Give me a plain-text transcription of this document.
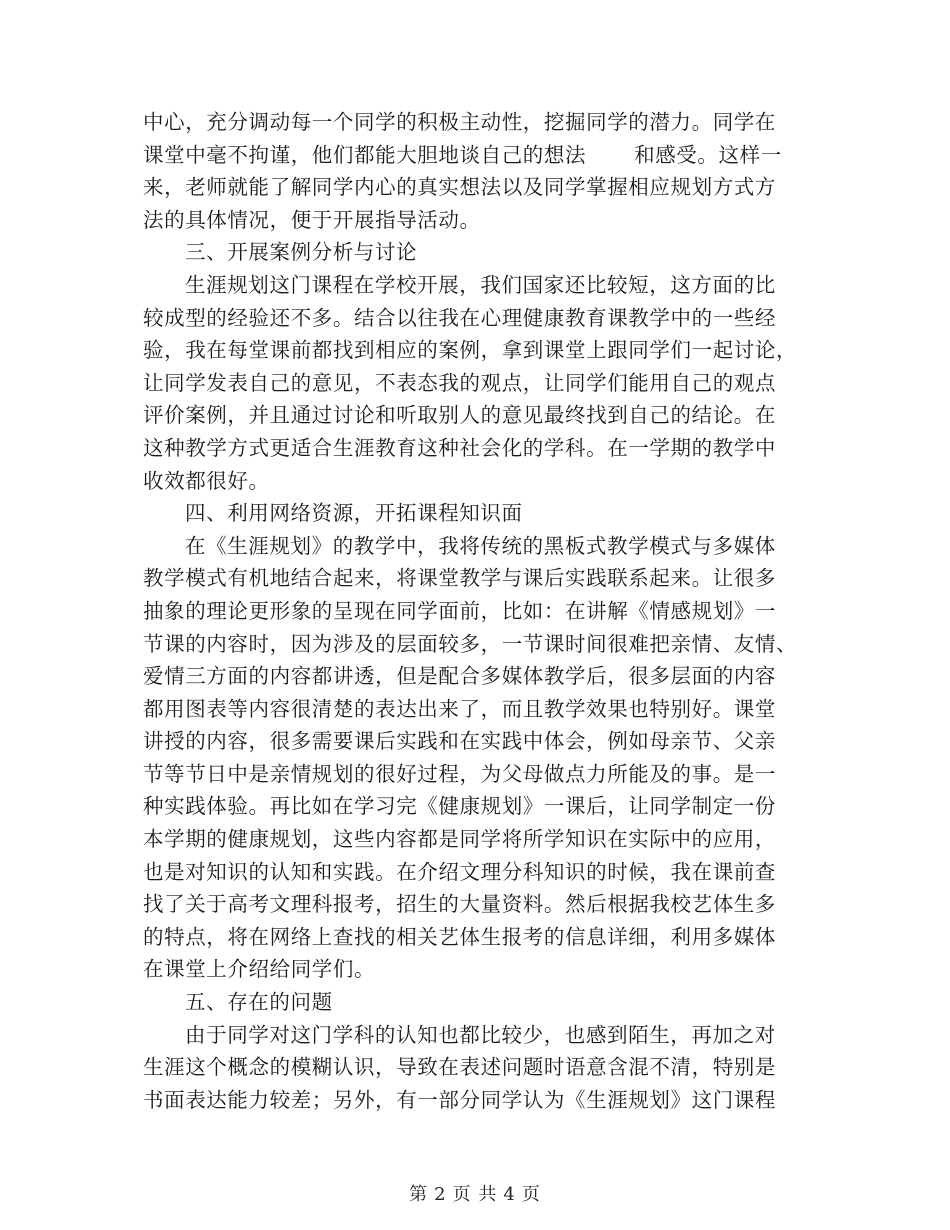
中心，充分调动每一个同学的积极主动性，挖掘同学的潜力。同学在
课堂中毫不拘谨，他们都能大胆地谈自己的想法 和感受。这样一
来，老师就能了解同学内心的真实想法以及同学掌握相应规划方式方
法的具体情况，便于开展指导活动。
三、开展案例分析与讨论
生涯规划这门课程在学校开展，我们国家还比较短，这方面的比
较成型的经验还不多。结合以往我在心理健康教育课教学中的一些经
验，我在每堂课前都找到相应的案例，拿到课堂上跟同学们一起讨论，
让同学发表自己的意见，不表态我的观点，让同学们能用自己的观点
评价案例，并且通过讨论和听取别人的意见最终找到自己的结论。在
这种教学方式更适合生涯教育这种社会化的学科。在一学期的教学中
收效都很好。
四、利用网络资源，开拓课程知识面
在《生涯规划》的教学中，我将传统的黑板式教学模式与多媒体
教学模式有机地结合起来，将课堂教学与课后实践联系起来。让很多
抽象的理论更形象的呈现在同学面前，比如：在讲解《情感规划》一
节课的内容时，因为涉及的层面较多，一节课时间很难把亲情、友情、
爱情三方面的内容都讲透，但是配合多媒体教学后，很多层面的内容
都用图表等内容很清楚的表达出来了，而且教学效果也特别好。课堂
讲授的内容，很多需要课后实践和在实践中体会，例如母亲节、父亲
节等节日中是亲情规划的很好过程，为父母做点力所能及的事。是一
种实践体验。再比如在学习完《健康规划》一课后，让同学制定一份
本学期的健康规划，这些内容都是同学将所学知识在实际中的应用，
也是对知识的认知和实践。在介绍文理分科知识的时候，我在课前查
找了关于高考文理科报考，招生的大量资料。然后根据我校艺体生多
的特点，将在网络上查找的相关艺体生报考的信息详细，利用多媒体
在课堂上介绍给同学们。
五、存在的问题
由于同学对这门学科的认知也都比较少，也感到陌生，再加之对
生涯这个概念的模糊认识，导致在表述问题时语意含混不清，特别是
书面表达能力较差；另外，有一部分同学认为《生涯规划》这门课程
第 2 页 共 4 页
